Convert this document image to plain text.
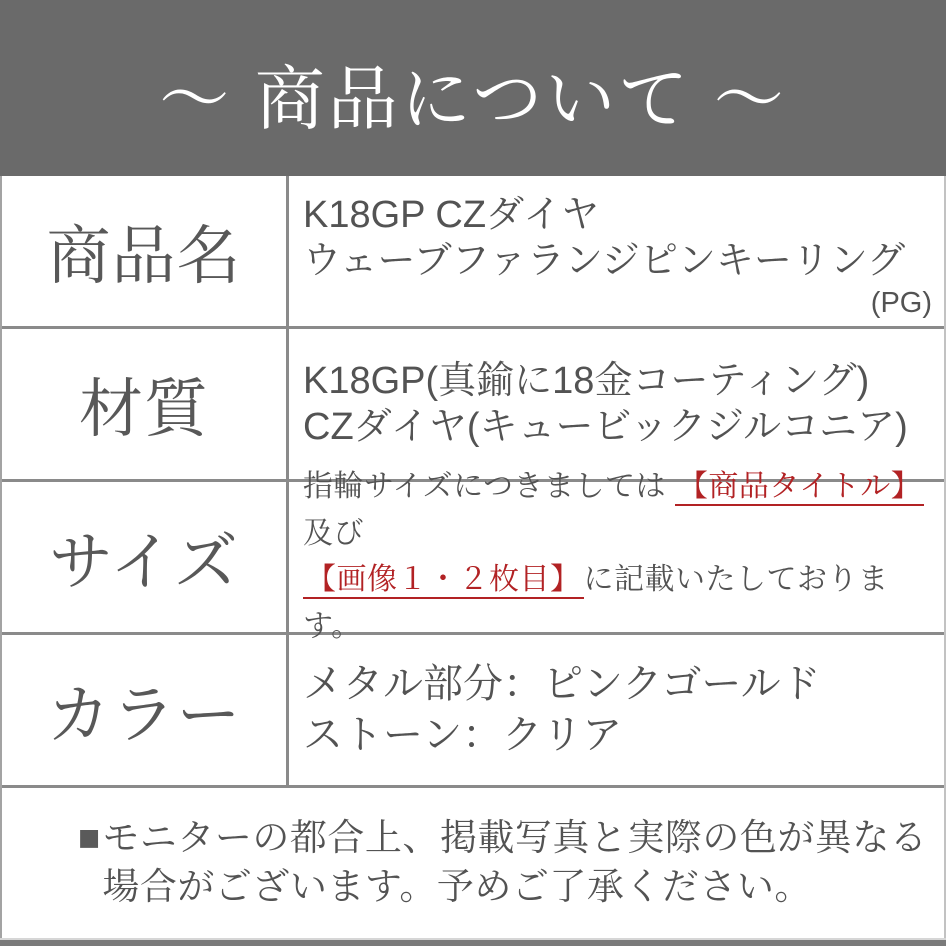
～ 商品について ～
商品名
K18GP CZダイヤ
ウェーブファランジピンキーリング
(PG)
材質	K18GP(真鍮に18金コーティング)
CZダイヤ(キュービックジルコニア)
サイズ
指輪サイズにつきましては 【商品タイトル】及び
【画像１・２枚目】 に記載いたしております。
カラー	メタル部分：ピンクゴールド
ストーン：クリア
■ モニターの都合上、掲載写真と実際の色が異なる
場合がございます。予めご了承ください。
